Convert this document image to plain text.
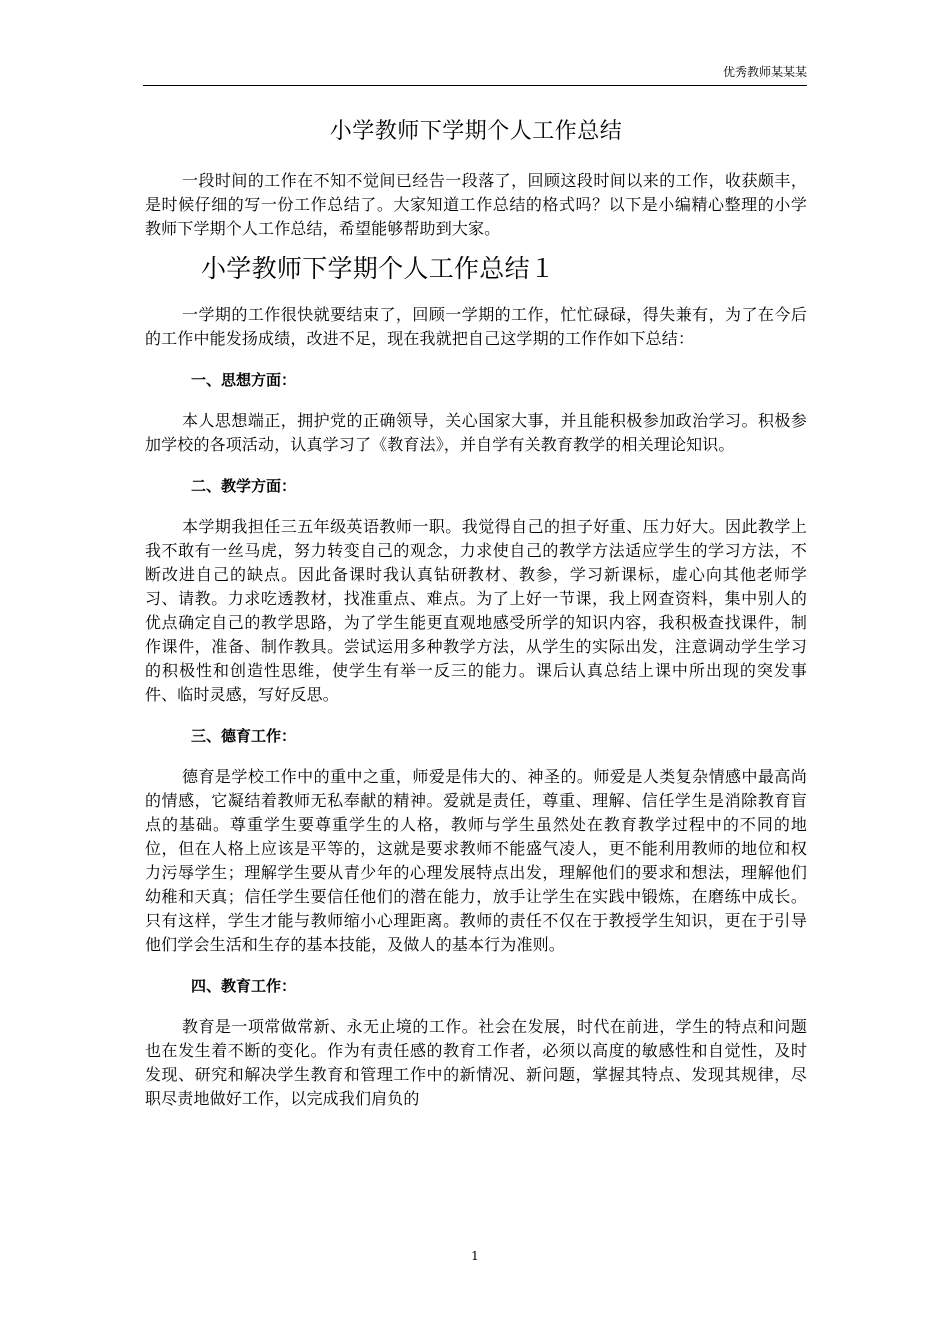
优秀教师某某某
小学教师下学期个人工作总结

一段时间的工作在不知不觉间已经告一段落了，回顾这段时间以来的工作，收获颇丰，是时候仔细的写一份工作总结了。大家知道工作总结的格式吗？以下是小编精心整理的小学教师下学期个人工作总结，希望能够帮助到大家。

小学教师下学期个人工作总结１

一学期的工作很快就要结束了，回顾一学期的工作，忙忙碌碌，得失兼有，为了在今后的工作中能发扬成绩，改进不足，现在我就把自己这学期的工作作如下总结：

一、思想方面：

本人思想端正，拥护党的正确领导，关心国家大事，并且能积极参加政治学习。积极参加学校的各项活动，认真学习了《教育法》，并自学有关教育教学的相关理论知识。

二、教学方面：

本学期我担任三五年级英语教师一职。我觉得自己的担子好重、压力好大。因此教学上我不敢有一丝马虎，努力转变自己的观念，力求使自己的教学方法适应学生的学习方法，不断改进自己的缺点。因此备课时我认真钻研教材、教参，学习新课标，虚心向其他老师学习、请教。力求吃透教材，找准重点、难点。为了上好一节课，我上网查资料，集中别人的优点确定自己的教学思路，为了学生能更直观地感受所学的知识内容，我积极查找课件，制作课件，准备、制作教具。尝试运用多种教学方法，从学生的实际出发，注意调动学生学习的积极性和创造性思维，使学生有举一反三的能力。课后认真总结上课中所出现的突发事件、临时灵感，写好反思。

三、德育工作：

德育是学校工作中的重中之重，师爱是伟大的、神圣的。师爱是人类复杂情感中最高尚的情感，它凝结着教师无私奉献的精神。爱就是责任，尊重、理解、信任学生是消除教育盲点的基础。尊重学生要尊重学生的人格，教师与学生虽然处在教育教学过程中的不同的地位，但在人格上应该是平等的，这就是要求教师不能盛气凌人，更不能利用教师的地位和权力污辱学生；理解学生要从青少年的心理发展特点出发，理解他们的要求和想法，理解他们幼稚和天真；信任学生要信任他们的潜在能力，放手让学生在实践中锻炼，在磨练中成长。只有这样，学生才能与教师缩小心理距离。教师的责任不仅在于教授学生知识，更在于引导他们学会生活和生存的基本技能，及做人的基本行为准则。

四、教育工作：

教育是一项常做常新、永无止境的工作。社会在发展，时代在前进，学生的特点和问题也在发生着不断的变化。作为有责任感的教育工作者，必须以高度的敏感性和自觉性，及时发现、研究和解决学生教育和管理工作中的新情况、新问题，掌握其特点、发现其规律，尽职尽责地做好工作，以完成我们肩负的

1
